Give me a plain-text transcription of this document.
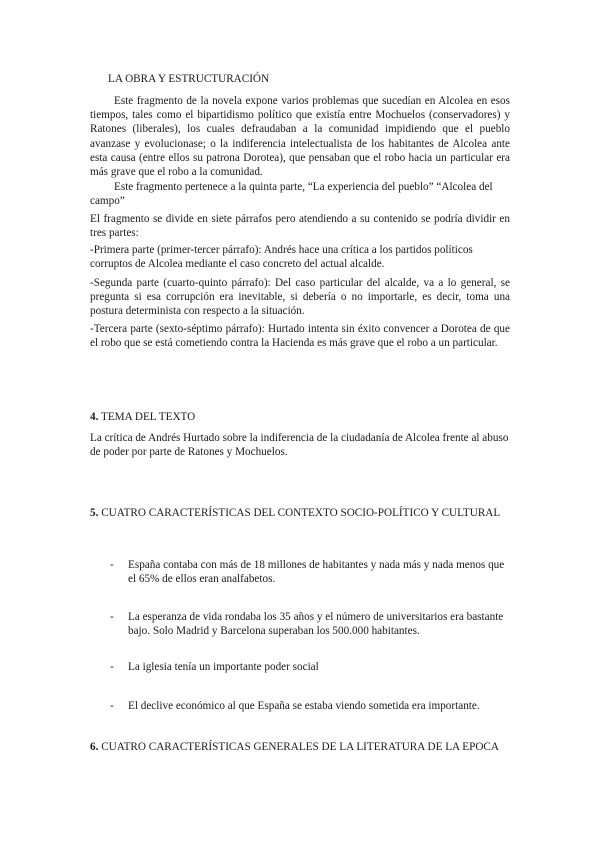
LA OBRA Y ESTRUCTURACIÓN

Este fragmento de la novela expone varios problemas que sucedían en Alcolea en esos tiempos, tales como el bipartidismo político que existía entre Mochuelos (conservadores) y Ratones (liberales), los cuales defraudaban a la comunidad impidiendo que el pueblo avanzase y evolucionase; o la indiferencia intelectualista de los habitantes de Alcolea ante esta causa (entre ellos su patrona Dorotea), que pensaban que el robo hacia un particular era más grave que el robo a la comunidad.

Este fragmento pertenece a la quinta parte, “La experiencia del pueblo” “Alcolea del campo”

El fragmento se divide en siete párrafos pero atendiendo a su contenido se podría dividir en tres partes:

-Primera parte (primer-tercer párrafo): Andrés hace una crítica a los partidos políticos corruptos de Alcolea mediante el caso concreto del actual alcalde.

-Segunda parte (cuarto-quinto párrafo): Del caso particular del alcalde, va a lo general, se pregunta si esa corrupción era inevitable, si debería o no importarle, es decir, toma una postura determinista con respecto a la situación.

-Tercera parte (sexto-séptimo párrafo): Hurtado intenta sin éxito convencer a Dorotea de que el robo que se está cometiendo contra la Hacienda es más grave que el robo a un particular.

4. TEMA DEL TEXTO

La crítica de Andrés Hurtado sobre la indiferencia de la ciudadanía de Alcolea frente al abuso de poder por parte de Ratones y Mochuelos.

5. CUATRO CARACTERÍSTICAS DEL CONTEXTO SOCIO-POLÍTICO Y CULTURAL

- España contaba con más de 18 millones de habitantes y nada más y nada menos que el 65% de ellos eran analfabetos.
- La esperanza de vida rondaba los 35 años y el número de universitarios era bastante bajo. Solo Madrid y Barcelona superaban los 500.000 habitantes.
- La iglesia tenía un importante poder social
- El declive económico al que España se estaba viendo sometida era importante.

6. CUATRO CARACTERÍSTICAS GENERALES DE LA LITERATURA DE LA EPOCA
